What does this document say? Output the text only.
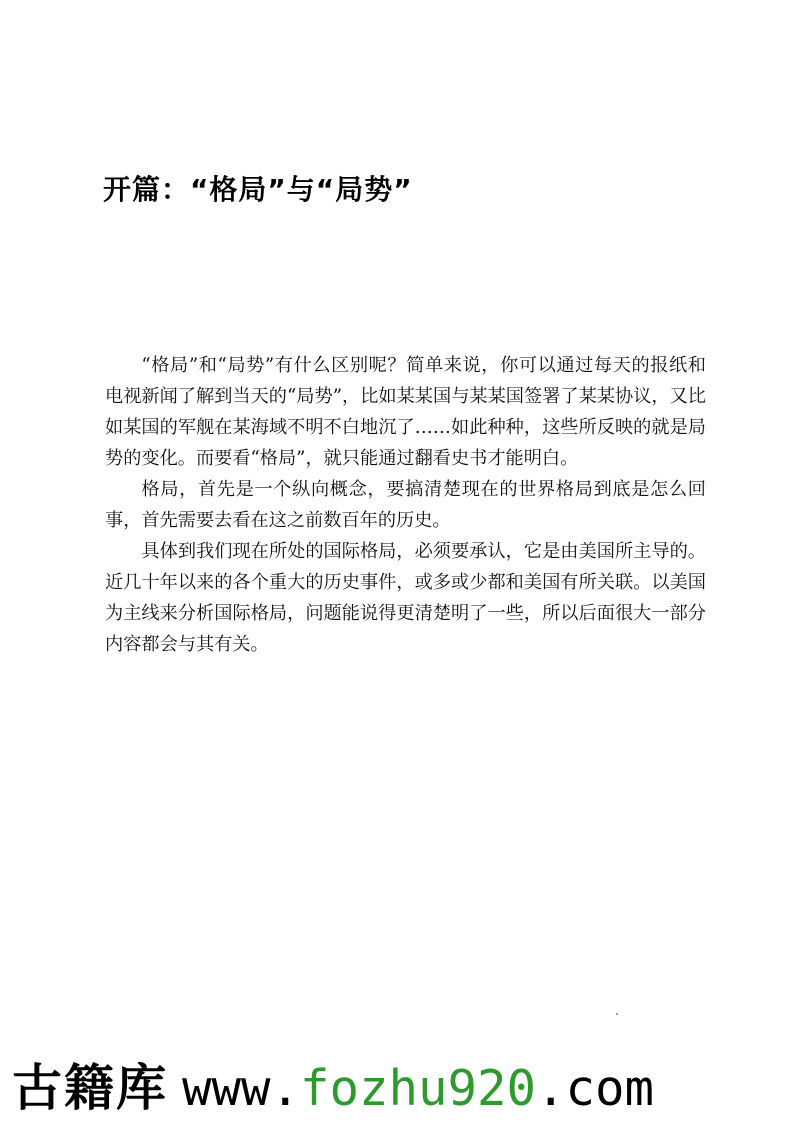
开篇：“格局”与“局势”

“格局”和“局势”有什么区别呢？简单来说，你可以通过每天的报纸和电视新闻了解到当天的“局势”，比如某某国与某某国签署了某某协议，又比如某国的军舰在某海域不明不白地沉了……如此种种，这些所反映的就是局势的变化。而要看“格局”，就只能通过翻看史书才能明白。

格局，首先是一个纵向概念，要搞清楚现在的世界格局到底是怎么回事，首先需要去看在这之前数百年的历史。

具体到我们现在所处的国际格局，必须要承认，它是由美国所主导的。近几十年以来的各个重大的历史事件，或多或少都和美国有所关联。以美国为主线来分析国际格局，问题能说得更清楚明了一些，所以后面很大一部分内容都会与其有关。

古籍库 www.fozhu920.com
